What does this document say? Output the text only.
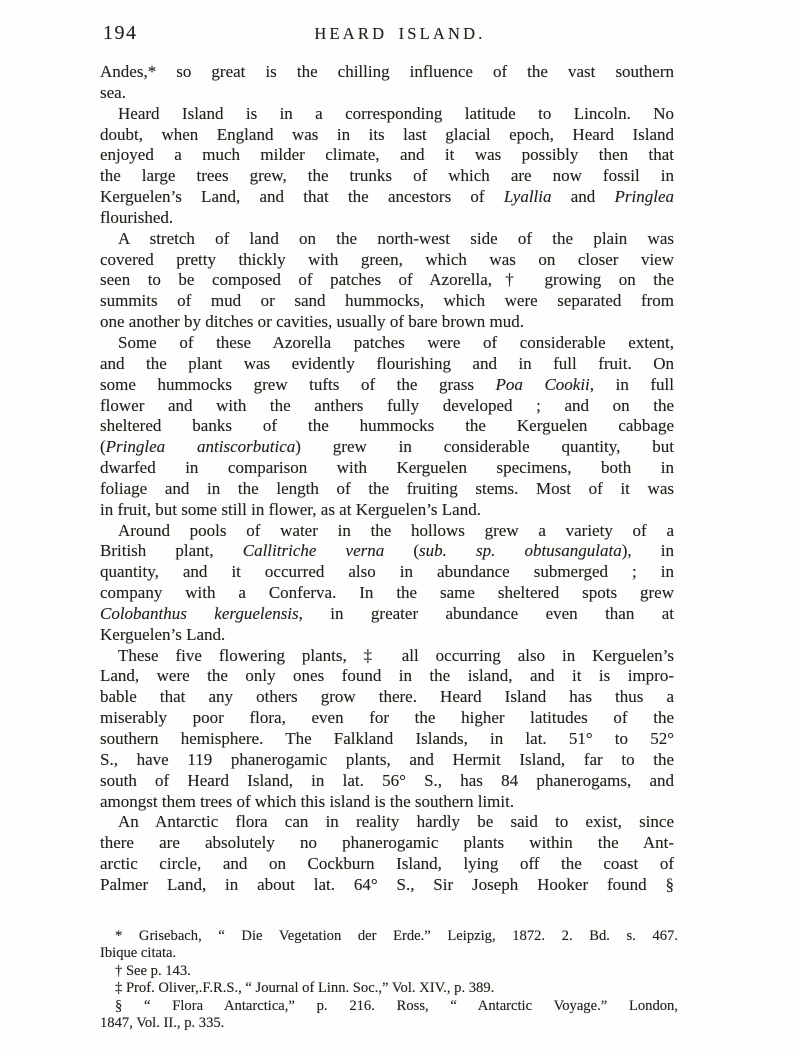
194	HEARD ISLAND.
Andes,* so great is the chilling influence of the vast southern
sea.
Heard Island is in a corresponding latitude to Lincoln. No
doubt, when England was in its last glacial epoch, Heard Island
enjoyed a much milder climate, and it was possibly then that
the large trees grew, the trunks of which are now fossil in
Kerguelen’s Land, and that the ancestors of Lyallia and Pringlea
flourished.
A stretch of land on the north-west side of the plain was
covered pretty thickly with green, which was on closer view
seen to be composed of patches of Azorella,† growing on the
summits of mud or sand hummocks, which were separated from
one another by ditches or cavities, usually of bare brown mud.
Some of these Azorella patches were of considerable extent,
and the plant was evidently flourishing and in full fruit. On
some hummocks grew tufts of the grass Poa Cookii, in full
flower and with the anthers fully developed ; and on the
sheltered banks of the hummocks the Kerguelen cabbage
(Pringlea antiscorbutica) grew in considerable quantity, but
dwarfed in comparison with Kerguelen specimens, both in
foliage and in the length of the fruiting stems. Most of it was
in fruit, but some still in flower, as at Kerguelen’s Land.
Around pools of water in the hollows grew a variety of a
British plant, Callitriche verna (sub. sp. obtusangulata), in
quantity, and it occurred also in abundance submerged ; in
company with a Conferva. In the same sheltered spots grew
Colobanthus kerguelensis, in greater abundance even than at
Kerguelen’s Land.
These five flowering plants, ‡ all occurring also in Kerguelen’s
Land, were the only ones found in the island, and it is impro-
bable that any others grow there. Heard Island has thus a
miserably poor flora, even for the higher latitudes of the
southern hemisphere. The Falkland Islands, in lat. 51° to 52°
S., have 119 phanerogamic plants, and Hermit Island, far to the
south of Heard Island, in lat. 56° S., has 84 phanerogams, and
amongst them trees of which this island is the southern limit.
An Antarctic flora can in reality hardly be said to exist, since
there are absolutely no phanerogamic plants within the Ant-
arctic circle, and on Cockburn Island, lying off the coast of
Palmer Land, in about lat. 64° S., Sir Joseph Hooker found §
* Grisebach, “ Die Vegetation der Erde.” Leipzig, 1872. 2. Bd. s. 467.
Ibique citata.
† See p. 143.
‡ Prof. Oliver,.F.R.S., “ Journal of Linn. Soc.,” Vol. XIV., p. 389.
§ “ Flora Antarctica,” p. 216. Ross, “ Antarctic Voyage.” London,
1847, Vol. II., p. 335.
